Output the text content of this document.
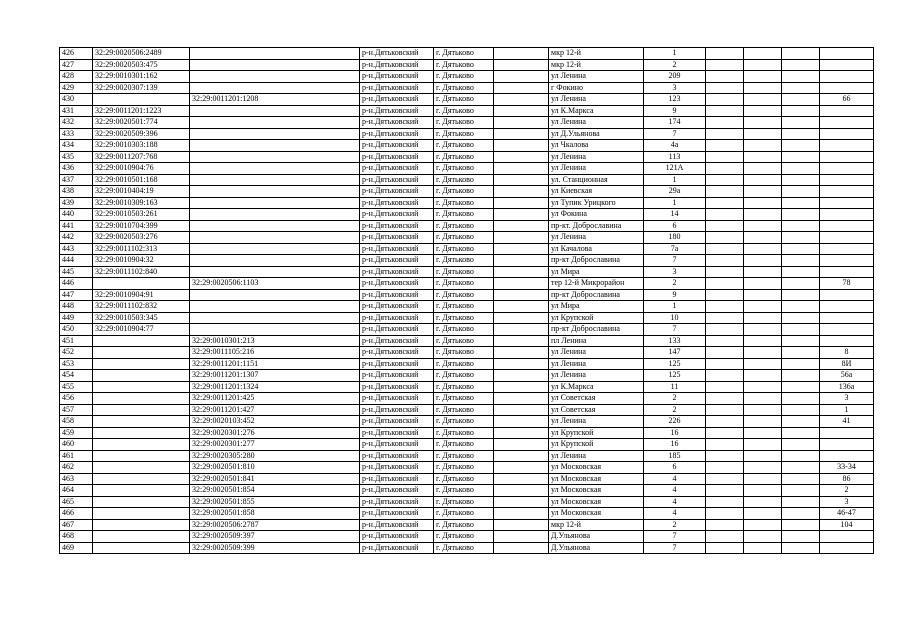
426	32:29:0020506:2489		р-н.Дятьковский	г. Дятьково		мкр 12-й	1				
427	32:29:0020503:475		р-н.Дятьковский	г. Дятьково		мкр 12-й	2				
428	32:29:0010301:162		р-н.Дятьковский	г. Дятьково		ул Ленина	209				
429	32:29:0020307:139		р-н.Дятьковский	г. Дятьково		г Фокино	3				
430		32:29:0011201:1208	р-н.Дятьковский	г. Дятьково		ул Ленина	123				66
431	32:29:0011201:1223		р-н.Дятьковский	г. Дятьково		ул К.Маркса	9				
432	32:29:0020501:774		р-н.Дятьковский	г. Дятьково		ул Ленина	174				
433	32:29:0020509:396		р-н.Дятьковский	г. Дятьково		ул Д.Ульянова	7				
434	32:29:0010303:188		р-н.Дятьковский	г. Дятьково		ул Чкалова	4а				
435	32:29:0011207:768		р-н.Дятьковский	г. Дятьково		ул Ленина	113				
436	32:29:0010904:76		р-н.Дятьковский	г. Дятьково		ул Ленина	121А				
437	32:29:0010501:168		р-н.Дятьковский	г. Дятьково		ул. Станционная	1				
438	32:29:0010404:19		р-н.Дятьковский	г. Дятьково		ул Киевская	29а				
439	32:29:0010309:163		р-н.Дятьковский	г. Дятьково		ул Тупик Урицкого	1				
440	32:29:0010503:261		р-н.Дятьковский	г. Дятьково		ул Фокина	14				
441	32:29:0010704:399		р-н.Дятьковский	г. Дятьково		пр-кт. Доброславина	6				
442	32:29:0020503:276		р-н.Дятьковский	г. Дятьково		ул Ленина	180				
443	32:29:0011102:313		р-н.Дятьковский	г. Дятьково		ул Качалова	7а				
444	32:29:0010904:32		р-н.Дятьковский	г. Дятьково		пр-кт Доброславина	7				
445	32:29:0011102:840		р-н.Дятьковский	г. Дятьково		ул Мира	3				
446		32:29:0020506:1103	р-н.Дятьковский	г. Дятьково		тер 12-й Микрорайон	2				78
447	32:29:0010904:91		р-н.Дятьковский	г. Дятьково		пр-кт Доброславина	9				
448	32:29:0011102:832		р-н.Дятьковский	г. Дятьково		ул Мира	1				
449	32:29:0010503:345		р-н.Дятьковский	г. Дятьково		ул Крупской	10				
450	32:29:0010904:77		р-н.Дятьковский	г. Дятьково		пр-кт Доброславина	7				
451		32:29:0010301:213	р-н.Дятьковский	г. Дятьково		пл Ленина	133				
452		32:29:0011105:216	р-н.Дятьковский	г. Дятьково		ул Ленина	147				8
453		32:29:0011201:1151	р-н.Дятьковский	г. Дятьково		ул Ленина	125				8И
454		32:29:0011201:1307	р-н.Дятьковский	г. Дятьково		ул Ленина	125				56а
455		32:29:0011201:1324	р-н.Дятьковский	г. Дятьково		ул К.Маркса	11				136а
456		32:29:0011201:425	р-н.Дятьковский	г. Дятьково		ул Советская	2				3
457		32:29:0011201:427	р-н.Дятьковский	г. Дятьково		ул Советская	2				1
458		32:29:0020103:452	р-н.Дятьковский	г. Дятьково		ул Ленина	226				41
459		32:29:0020301:276	р-н.Дятьковский	г. Дятьково		ул Крупской	16				
460		32:29:0020301:277	р-н.Дятьковский	г. Дятьково		ул Крупской	16				
461		32:29:0020305:280	р-н.Дятьковский	г. Дятьково		ул Ленина	185				
462		32:29:0020501:810	р-н.Дятьковский	г. Дятьково		ул Московская	6				33-34
463		32:29:0020501:841	р-н.Дятьковский	г. Дятьково		ул Московская	4				86
464		32:29:0020501:854	р-н.Дятьковский	г. Дятьково		ул Московская	4				2
465		32:29:0020501:855	р-н.Дятьковский	г. Дятьково		ул Московская	4				3
466		32:29:0020501:858	р-н.Дятьковский	г. Дятьково		ул Московская	4				46-47
467		32:29:0020506:2787	р-н.Дятьковский	г. Дятьково		мкр 12-й	2				104
468		32:29:0020509:397	р-н.Дятьковский	г. Дятьково		Д.Ульянова	7				
469		32:29:0020509:399	р-н.Дятьковский	г. Дятьково		Д.Ульянова	7				
